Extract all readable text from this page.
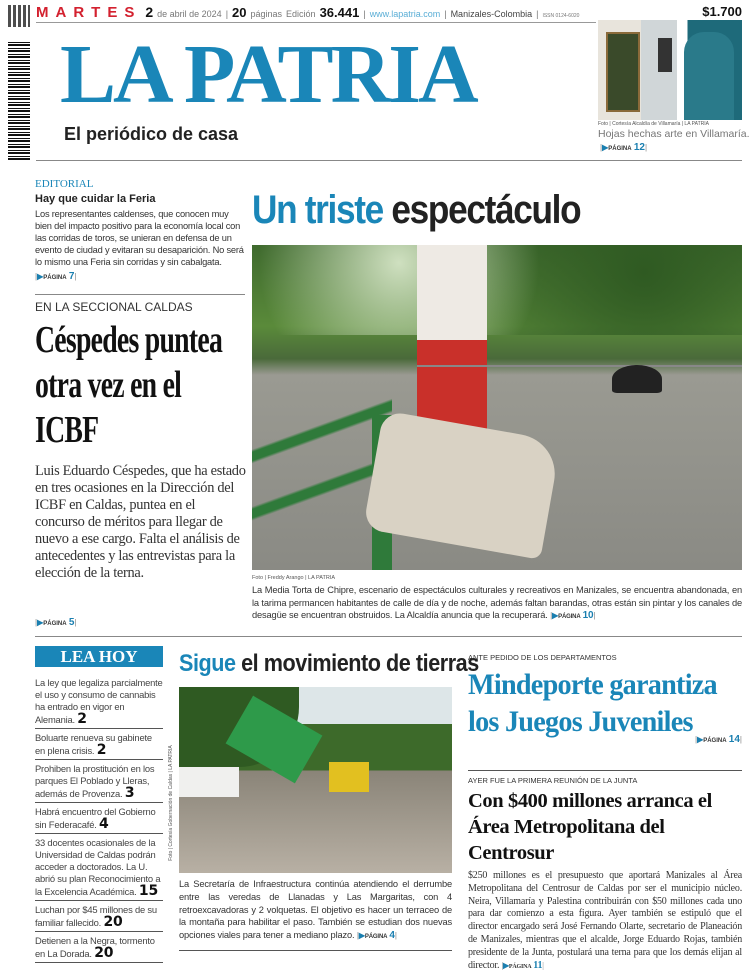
MARTES 2 de abril de 2024 | 20 páginas Edición 36.441 | www.lapatria.com | Manizales-Colombia | ISSN 0124-6020	$1.700
LA PATRIA
El periódico de casa	Foto | Cortesía Alcaldía de Villamaría | LA PATRIA
Hojas hechas arte en Villamaría.
|▶PÁGINA 12|
EDITORIAL
Hay que cuidar la Feria
Los representantes caldenses, que conocen muy bien del impacto positivo para la economía local con las corridas de toros, se unieran en defensa de un evento de ciudad y evitaran su desaparición. No será lo mismo una Feria sin corridas y sin cabalgata.
|▶PÁGINA 7|
EN LA SECCIONAL CALDAS
Céspedes puntea otra vez en el ICBF
Luis Eduardo Céspedes, que ha estado en tres ocasiones en la Dirección del ICBF en Caldas, puntea en el concurso de méritos para llegar de nuevo a ese cargo. Falta el análisis de antecedentes y las entrevistas para la elección de la terna.
|▶PÁGINA 5|
Un triste espectáculo
Foto | Freddy Arango | LA PATRIA
La Media Torta de Chipre, escenario de espectáculos culturales y recreativos en Manizales, se encuentra abandonada, en la tarima permancen habitantes de calle de día y de noche, además faltan barandas, otras están sin pintar y los canales de desagüe se encuentran obstruidos. La Alcaldía anuncia que la recuperará. |▶PÁGINA 10|
LEA HOY
La ley que legaliza parcialmente el uso y consumo de cannabis ha entrado en vigor en Alemania. 2
Boluarte renueva su gabinete en plena crisis. 2
Prohiben la prostitución en los parques El Poblado y Lleras, además de Provenza. 3
Habrá encuentro del Gobierno sin Federacafé. 4
33 docentes ocasionales de la Universidad de Caldas podrán acceder a doctorados. La U. abrió su plan Reconocimiento a la Excelencia Académica. 15
Luchan por $45 millones de su familiar fallecido. 20
Detienen a la Negra, tormento en La Dorada. 20
Sigue el movimiento de tierras
Foto | Cortesía Gobernación de Caldas | LA PATRIA
La Secretaría de Infraestructura continúa atendiendo el derrumbe entre las veredas de Llanadas y Las Margaritas, con 4 retroexcavadoras y 2 volquetas. El objetivo es hacer un terraceo de la montaña para habilitar el paso. También se estudian dos nuevas opciones viales para tener a mediano plazo. |▶PÁGINA 4|
ANTE PEDIDO DE LOS DEPARTAMENTOS
Mindeporte garantiza los Juegos Juveniles
|▶PÁGINA 14|
AYER FUE LA PRIMERA REUNIÓN DE LA JUNTA
Con $400 millones arranca el Área Metropolitana del Centrosur
$250 millones es el presupuesto que aportará Manizales al Área Metropolitana del Centrosur de Caldas por ser el municipio núcleo. Neira, Villamaría y Palestina contribuirán con $50 millones cada uno para dar comienzo a esta figura. Ayer también se estipuló que el director encargado será José Fernando Olarte, secretario de Planeación de Manizales, mientras que el alcalde, Jorge Eduardo Rojas, también presidente de la Junta, postulará una terna para que los demás elijan al director. |▶PÁGINA 11|
